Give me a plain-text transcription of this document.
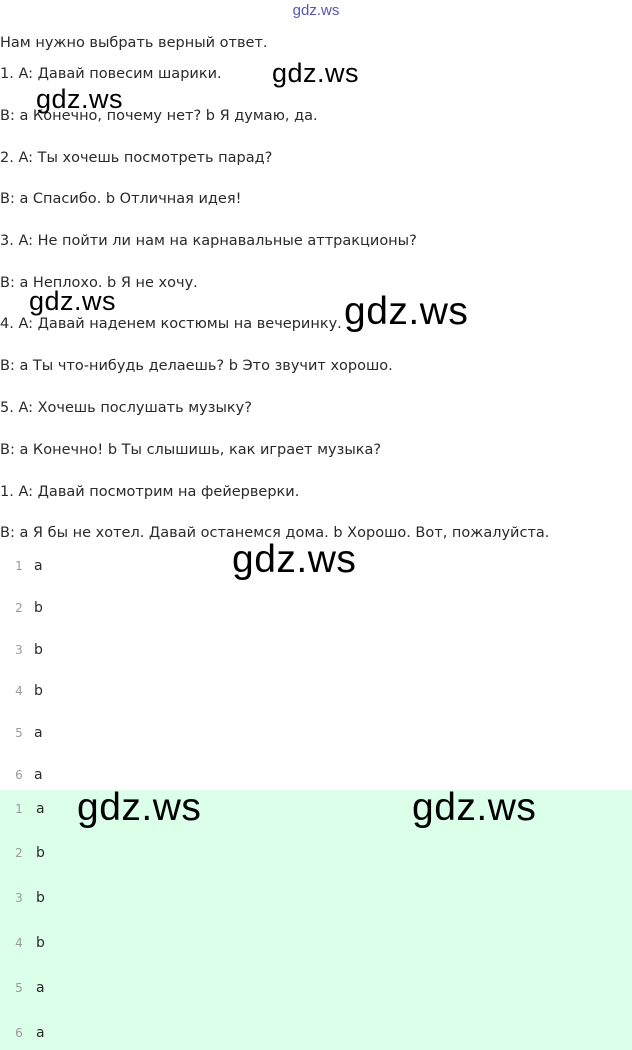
gdz.ws
Нам нужно выбрать верный ответ.
1. A: Давай повесим шарики.
B: a Конечно, почему нет? b Я думаю, да.
2. A: Ты хочешь посмотреть парад?
B: a Спасибо. b Отличная идея!
3. A: Не пойти ли нам на карнавальные аттракционы?
B: a Неплохо. b Я не хочу.
4. A: Давай наденем костюмы на вечеринку.
B: a Ты что-нибудь делаешь? b Это звучит хорошо.
5. A: Хочешь послушать музыку?
B: a Конечно! b Ты слышишь, как играет музыка?
1. A: Давай посмотрим на фейерверки.
B: a Я бы не хотел. Давай останемся дома. b Хорошо. Вот, пожалуйста.
1 a
2 b
3 b
4 b
5 a
6 a
1 a
2 b
3 b
4 b
5 a
6 a
gdz.ws
gdz.ws
gdz.ws	gdz.ws
gdz.ws
gdz.ws	gdz.ws
